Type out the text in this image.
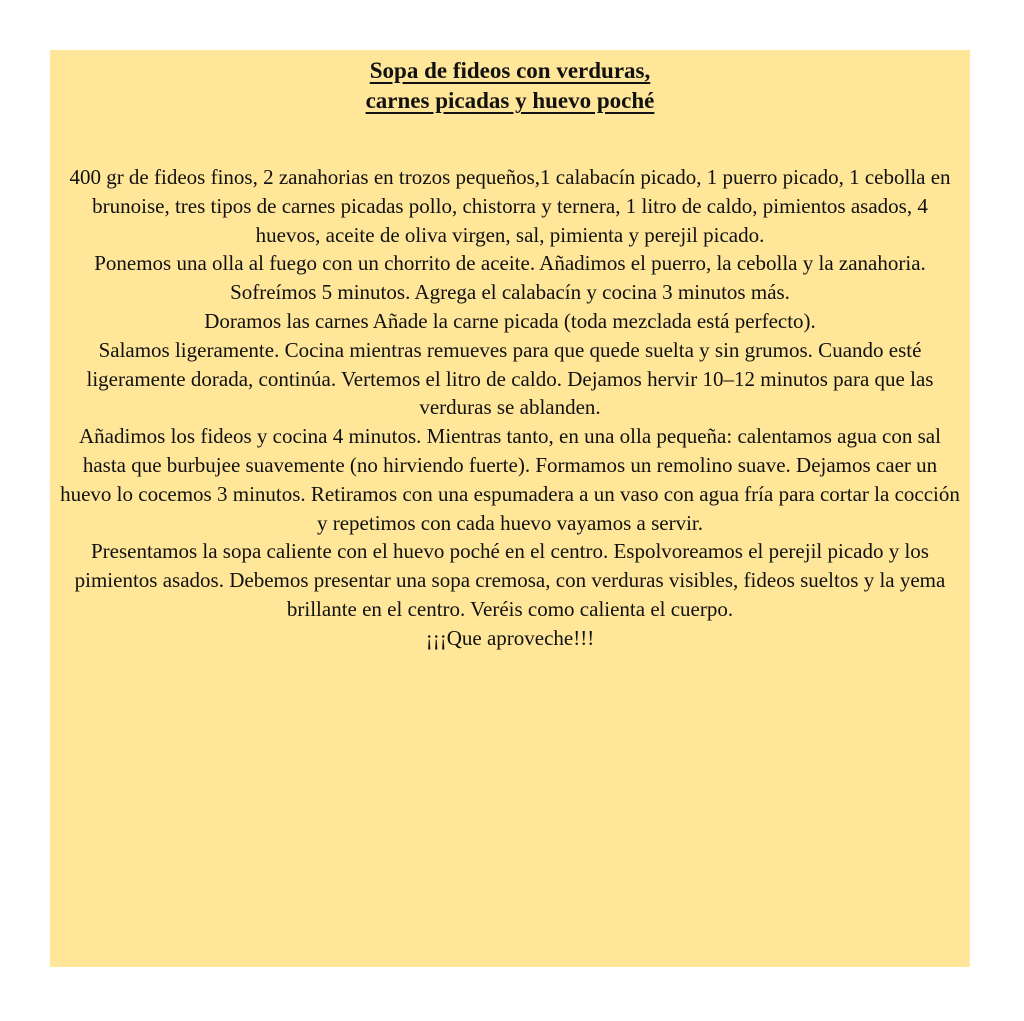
Sopa de fideos con verduras,
carnes picadas y huevo poché

400 gr de fideos finos, 2 zanahorias en trozos pequeños,1 calabacín picado, 1 puerro picado, 1 cebolla en brunoise, tres tipos de carnes picadas pollo, chistorra y ternera, 1 litro de caldo, pimientos asados, 4 huevos, aceite de oliva virgen, sal, pimienta y perejil picado.

Ponemos una olla al fuego con un chorrito de aceite. Añadimos el puerro, la cebolla y la zanahoria. Sofreímos 5 minutos. Agrega el calabacín y cocina 3 minutos más.

Doramos las carnes Añade la carne picada (toda mezclada está perfecto).

Salamos ligeramente. Cocina mientras remueves para que quede suelta y sin grumos. Cuando esté ligeramente dorada, continúa. Vertemos el litro de caldo. Dejamos hervir 10–12 minutos para que las verduras se ablanden.

Añadimos los fideos y cocina 4 minutos. Mientras tanto, en una olla pequeña: calentamos agua con sal hasta que burbujee suavemente (no hirviendo fuerte). Formamos un remolino suave. Dejamos caer un huevo lo cocemos 3 minutos. Retiramos con una espumadera a un vaso con agua fría para cortar la cocción y repetimos con cada huevo vayamos a servir.

Presentamos la sopa caliente con el huevo poché en el centro. Espolvoreamos el perejil picado y los pimientos asados. Debemos presentar una sopa cremosa, con verduras visibles, fideos sueltos y la yema brillante en el centro. Veréis como calienta el cuerpo.

¡¡¡Que aproveche!!!
